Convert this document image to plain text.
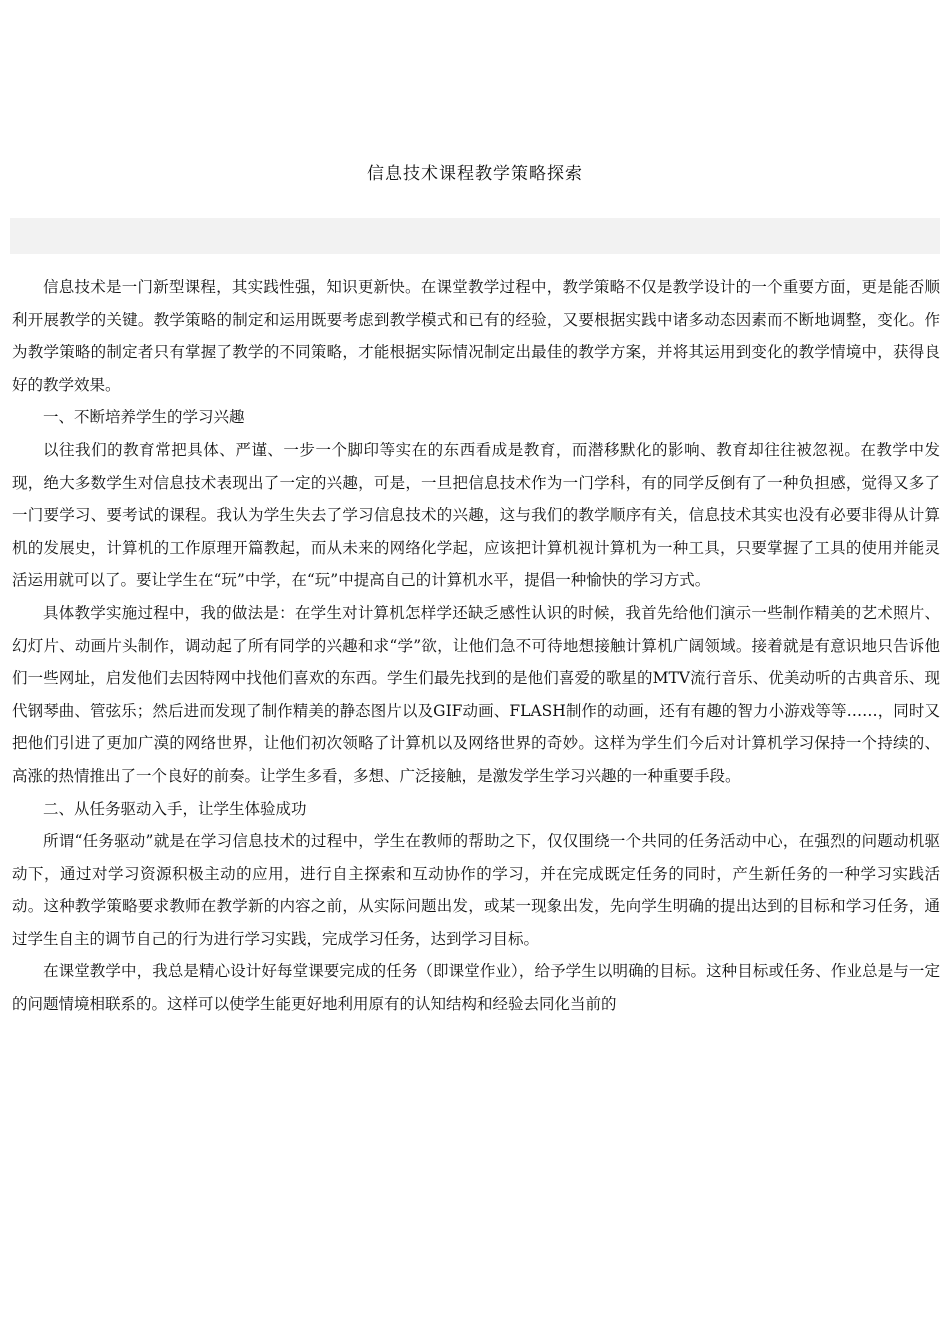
信息技术课程教学策略探索

信息技术是一门新型课程，其实践性强，知识更新快。在课堂教学过程中，教学策略不仅是教学设计的一个重要方面，更是能否顺利开展教学的关键。教学策略的制定和运用既要考虑到教学模式和已有的经验，又要根据实践中诸多动态因素而不断地调整，变化。作为教学策略的制定者只有掌握了教学的不同策略，才能根据实际情况制定出最佳的教学方案，并将其运用到变化的教学情境中，获得良好的教学效果。

一、不断培养学生的学习兴趣

以往我们的教育常把具体、严谨、一步一个脚印等实在的东西看成是教育，而潜移默化的影响、教育却往往被忽视。在教学中发现，绝大多数学生对信息技术表现出了一定的兴趣，可是，一旦把信息技术作为一门学科，有的同学反倒有了一种负担感，觉得又多了一门要学习、要考试的课程。我认为学生失去了学习信息技术的兴趣，这与我们的教学顺序有关，信息技术其实也没有必要非得从计算机的发展史，计算机的工作原理开篇教起，而从未来的网络化学起，应该把计算机视计算机为一种工具，只要掌握了工具的使用并能灵活运用就可以了。要让学生在“玩”中学，在“玩”中提高自己的计算机水平，提倡一种愉快的学习方式。

具体教学实施过程中，我的做法是：在学生对计算机怎样学还缺乏感性认识的时候，我首先给他们演示一些制作精美的艺术照片、幻灯片、动画片头制作，调动起了所有同学的兴趣和求“学”欲，让他们急不可待地想接触计算机广阔领域。接着就是有意识地只告诉他们一些网址，启发他们去因特网中找他们喜欢的东西。学生们最先找到的是他们喜爱的歌星的MTV流行音乐、优美动听的古典音乐、现代钢琴曲、管弦乐；然后进而发现了制作精美的静态图片以及GIF动画、FLASH制作的动画，还有有趣的智力小游戏等等……，同时又把他们引进了更加广漠的网络世界，让他们初次领略了计算机以及网络世界的奇妙。这样为学生们今后对计算机学习保持一个持续的、高涨的热情推出了一个良好的前奏。让学生多看，多想、广泛接触，是激发学生学习兴趣的一种重要手段。

二、从任务驱动入手，让学生体验成功

所谓“任务驱动”就是在学习信息技术的过程中，学生在教师的帮助之下，仅仅围绕一个共同的任务活动中心，在强烈的问题动机驱动下，通过对学习资源积极主动的应用，进行自主探索和互动协作的学习，并在完成既定任务的同时，产生新任务的一种学习实践活动。这种教学策略要求教师在教学新的内容之前，从实际问题出发，或某一现象出发，先向学生明确的提出达到的目标和学习任务，通过学生自主的调节自己的行为进行学习实践，完成学习任务，达到学习目标。

在课堂教学中，我总是精心设计好每堂课要完成的任务（即课堂作业），给予学生以明确的目标。这种目标或任务、作业总是与一定的问题情境相联系的。这样可以使学生能更好地利用原有的认知结构和经验去同化当前的
